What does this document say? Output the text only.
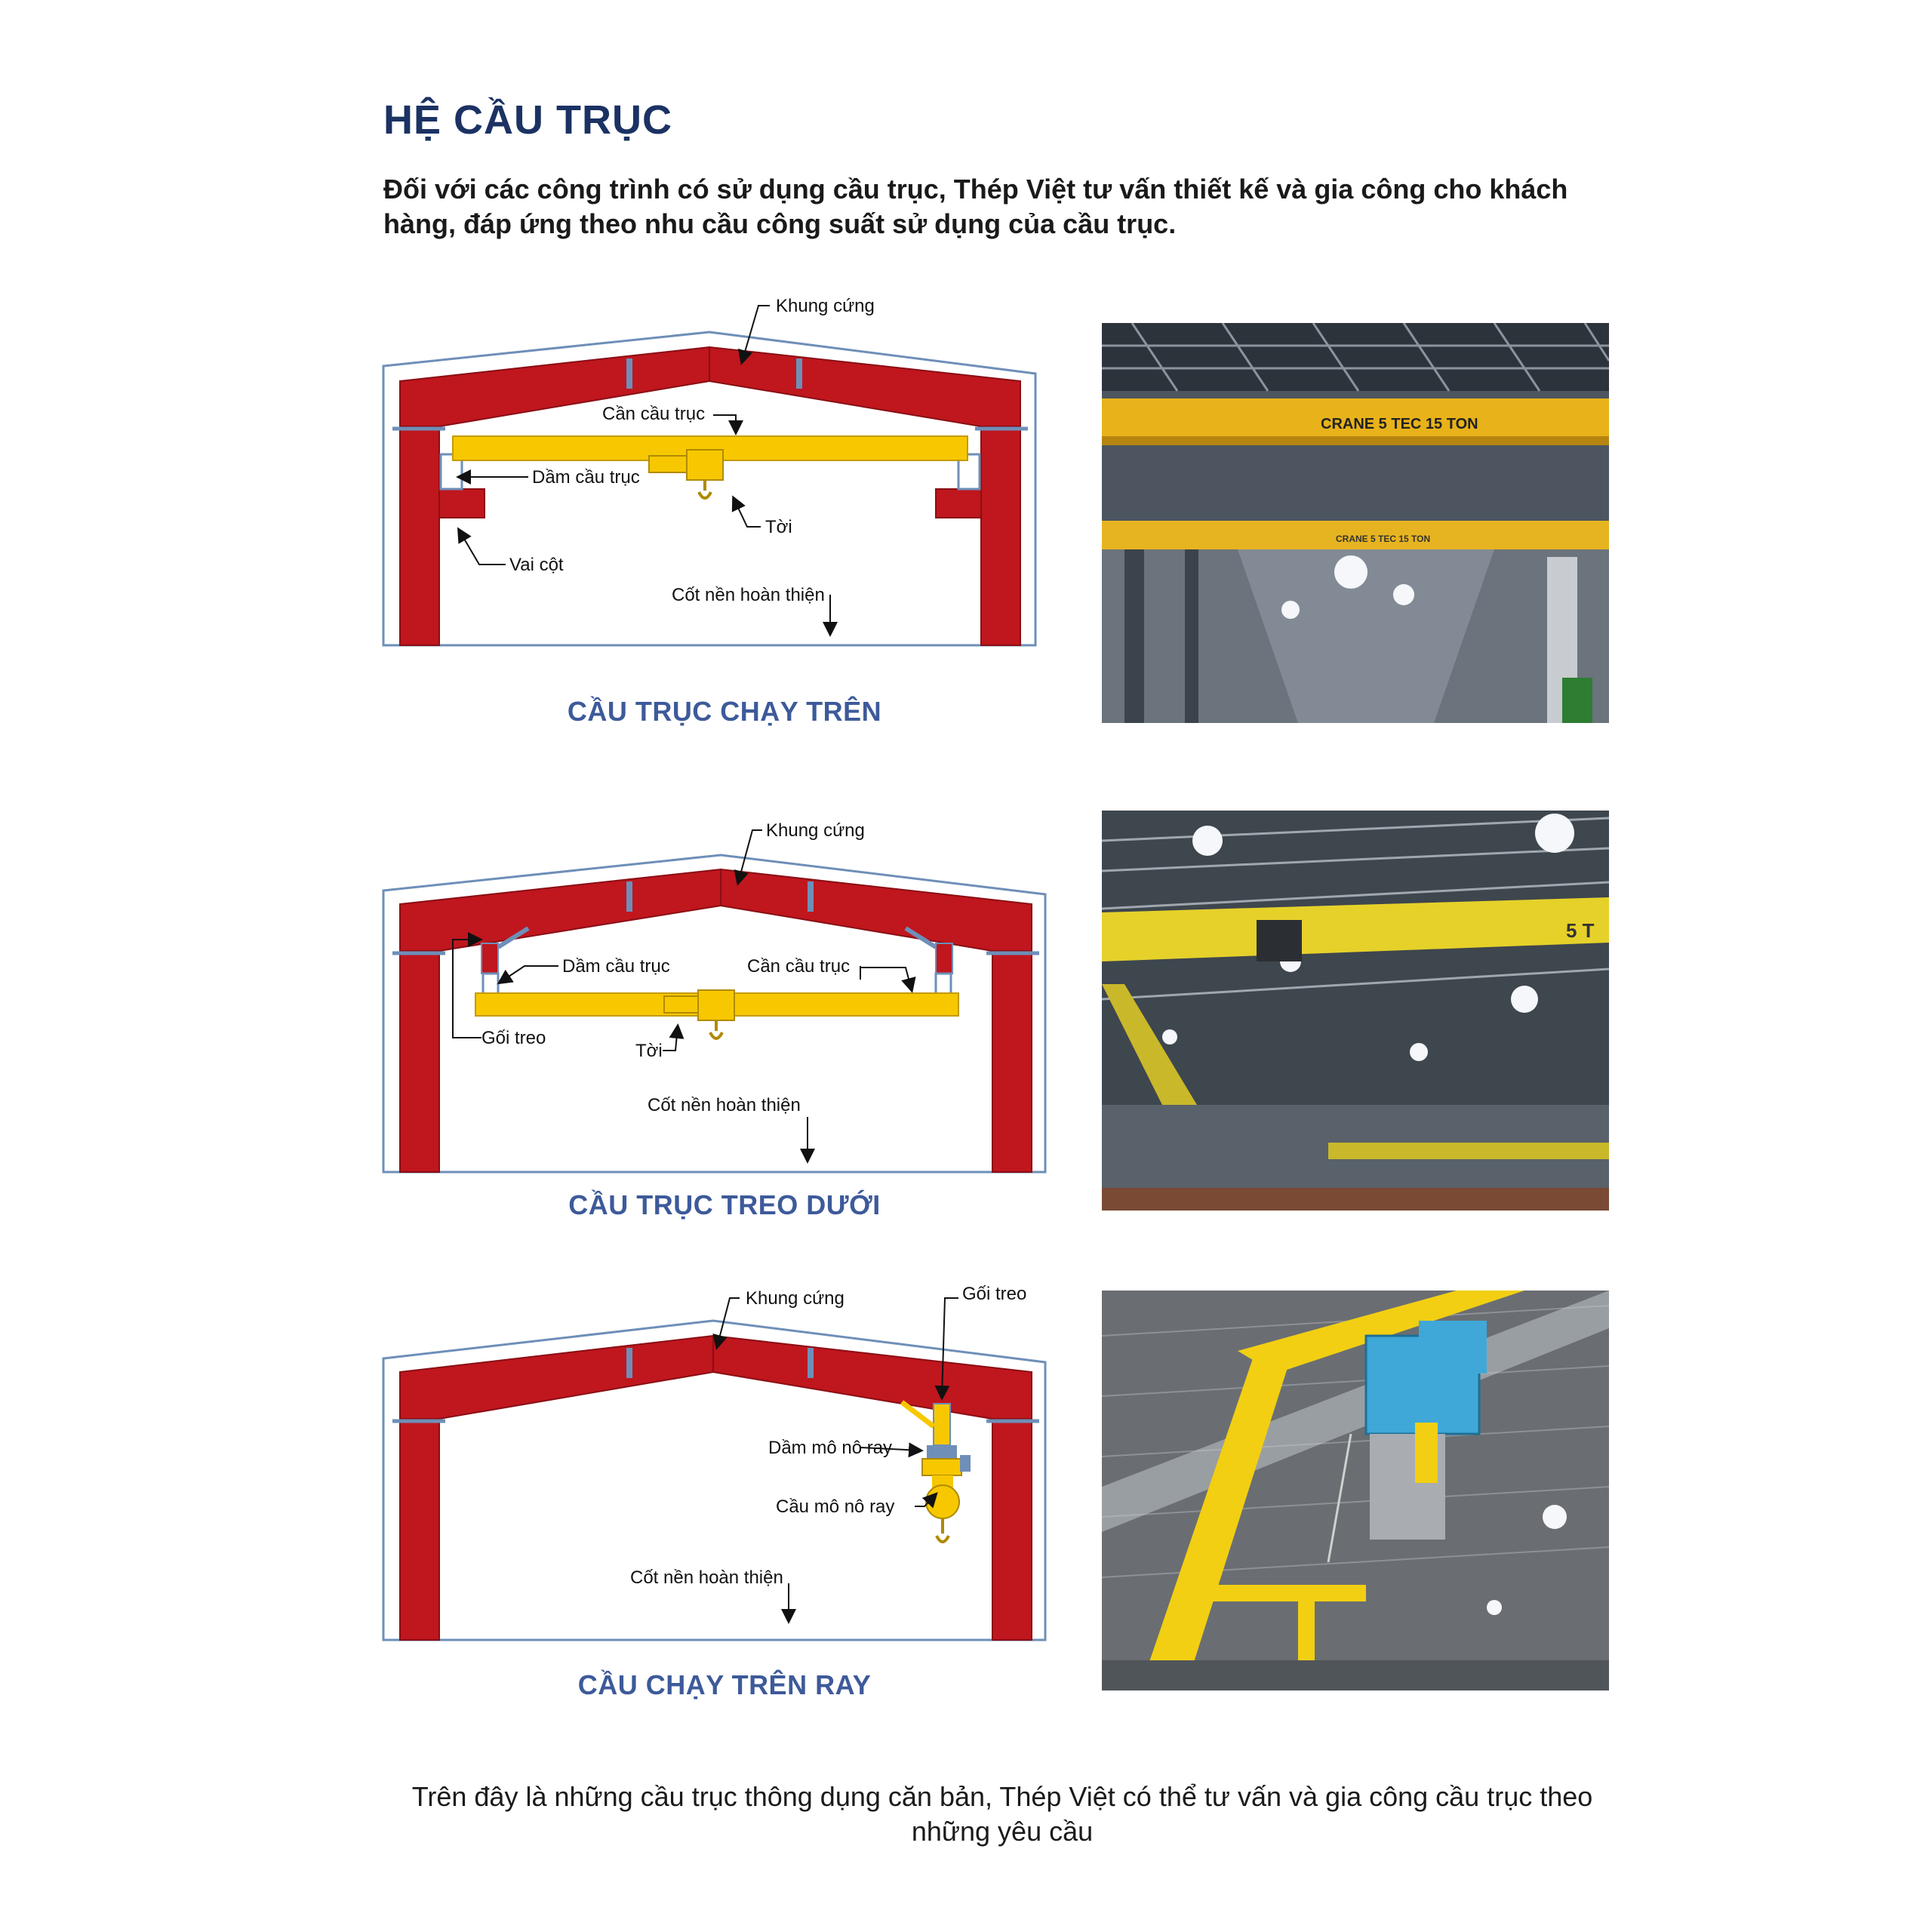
HỆ CẦU TRỤC
Đối với các công trình có sử dụng cầu trục, Thép Việt tư vấn thiết kế và gia công cho khách hàng, đáp ứng theo nhu cầu công suất sử dụng của cầu trục.
Khung cứng
Cần cầu trục
Dầm cầu trục
Tời
Vai cột
Cốt nền hoàn thiện
CẦU TRỤC CHẠY TRÊN
CRANE 5 TEC 15 TON
CRANE 5 TEC 15 TON
Khung cứng
Dầm cầu trục	Cần cầu trục
Gối treo
Tời
Cốt nền hoàn thiện
CẦU TRỤC TREO DƯỚI
5 T
Khung cứng	Gối treo
Dầm mô nô ray
Cầu mô nô ray
Cốt nền hoàn thiện
CẦU CHẠY TRÊN RAY
Trên đây là những cầu trục thông dụng căn bản, Thép Việt có thể tư vấn và gia công cầu trục theo những yêu cầu
